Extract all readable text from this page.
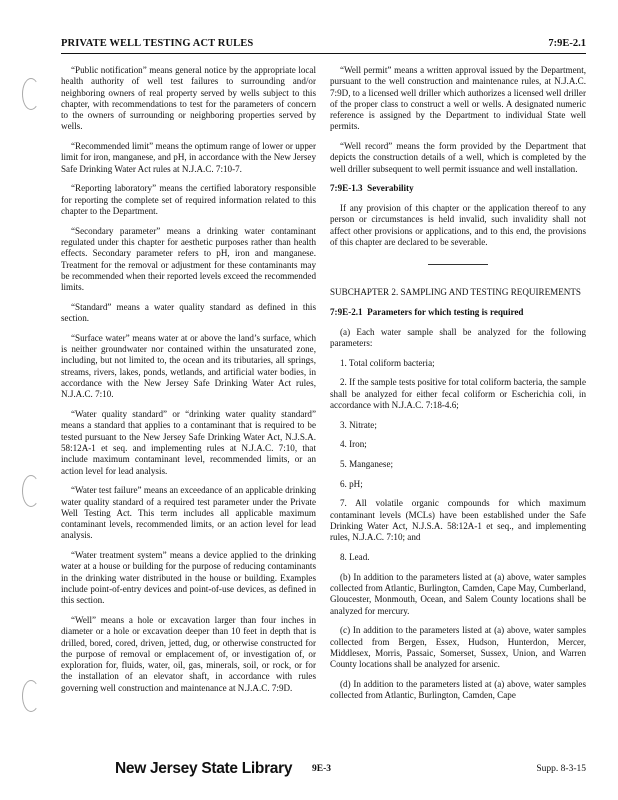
PRIVATE WELL TESTING ACT RULES	7:9E-2.1

“Public notification” means general notice by the appropriate local health authority of well test failures to surrounding and/or neighboring owners of real property served by wells subject to this chapter, with recommendations to test for the parameters of concern to the owners of surrounding or neighboring properties served by wells.

“Recommended limit” means the optimum range of lower or upper limit for iron, manganese, and pH, in accordance with the New Jersey Safe Drinking Water Act rules at N.J.A.C. 7:10-7.

“Reporting laboratory” means the certified laboratory responsible for reporting the complete set of required information related to this chapter to the Department.

“Secondary parameter” means a drinking water contaminant regulated under this chapter for aesthetic purposes rather than health effects. Secondary parameter refers to pH, iron and manganese. Treatment for the removal or adjustment for these contaminants may be recommended when their reported levels exceed the recommended limits.

“Standard” means a water quality standard as defined in this section.

“Surface water” means water at or above the land’s surface, which is neither groundwater nor contained within the unsaturated zone, including, but not limited to, the ocean and its tributaries, all springs, streams, rivers, lakes, ponds, wetlands, and artificial water bodies, in accordance with the New Jersey Safe Drinking Water Act rules, N.J.A.C. 7:10.

“Water quality standard” or “drinking water quality standard” means a standard that applies to a contaminant that is required to be tested pursuant to the New Jersey Safe Drinking Water Act, N.J.S.A. 58:12A-1 et seq. and implementing rules at N.J.A.C. 7:10, that include maximum contaminant level, recommended limits, or an action level for lead analysis.

“Water test failure” means an exceedance of an applicable drinking water quality standard of a required test parameter under the Private Well Testing Act. This term includes all applicable maximum contaminant levels, recommended limits, or an action level for lead analysis.

“Water treatment system” means a device applied to the drinking water at a house or building for the purpose of reducing contaminants in the drinking water distributed in the house or building. Examples include point-of-entry devices and point-of-use devices, as defined in this section.

“Well” means a hole or excavation larger than four inches in diameter or a hole or excavation deeper than 10 feet in depth that is drilled, bored, cored, driven, jetted, dug, or otherwise constructed for the purpose of removal or emplacement of, or investigation of, or exploration for, fluids, water, oil, gas, minerals, soil, or rock, or for the installation of an elevator shaft, in accordance with rules governing well construction and maintenance at N.J.A.C. 7:9D.

“Well permit” means a written approval issued by the Department, pursuant to the well construction and maintenance rules, at N.J.A.C. 7:9D, to a licensed well driller which authorizes a licensed well driller of the proper class to construct a well or wells. A designated numeric reference is assigned by the Department to individual State well permits.

“Well record” means the form provided by the Department that depicts the construction details of a well, which is completed by the well driller subsequent to well permit issuance and well installation.

7:9E-1.3 Severability

If any provision of this chapter or the application thereof to any person or circumstances is held invalid, such invalidity shall not affect other provisions or applications, and to this end, the provisions of this chapter are declared to be severable.

SUBCHAPTER 2. SAMPLING AND TESTING REQUIREMENTS

7:9E-2.1 Parameters for which testing is required

(a) Each water sample shall be analyzed for the following parameters:

1. Total coliform bacteria;

2. If the sample tests positive for total coliform bacteria, the sample shall be analyzed for either fecal coliform or Escherichia coli, in accordance with N.J.A.C. 7:18-4.6;

3. Nitrate;

4. Iron;

5. Manganese;

6. pH;

7. All volatile organic compounds for which maximum contaminant levels (MCLs) have been established under the Safe Drinking Water Act, N.J.S.A. 58:12A-1 et seq., and implementing rules, N.J.A.C. 7:10; and

8. Lead.

(b) In addition to the parameters listed at (a) above, water samples collected from Atlantic, Burlington, Camden, Cape May, Cumberland, Gloucester, Monmouth, Ocean, and Salem County locations shall be analyzed for mercury.

(c) In addition to the parameters listed at (a) above, water samples collected from Bergen, Essex, Hudson, Hunterdon, Mercer, Middlesex, Morris, Passaic, Somerset, Sussex, Union, and Warren County locations shall be analyzed for arsenic.

(d) In addition to the parameters listed at (a) above, water samples collected from Atlantic, Burlington, Camden, Cape

New Jersey State Library 9E-3	Supp. 8-3-15
